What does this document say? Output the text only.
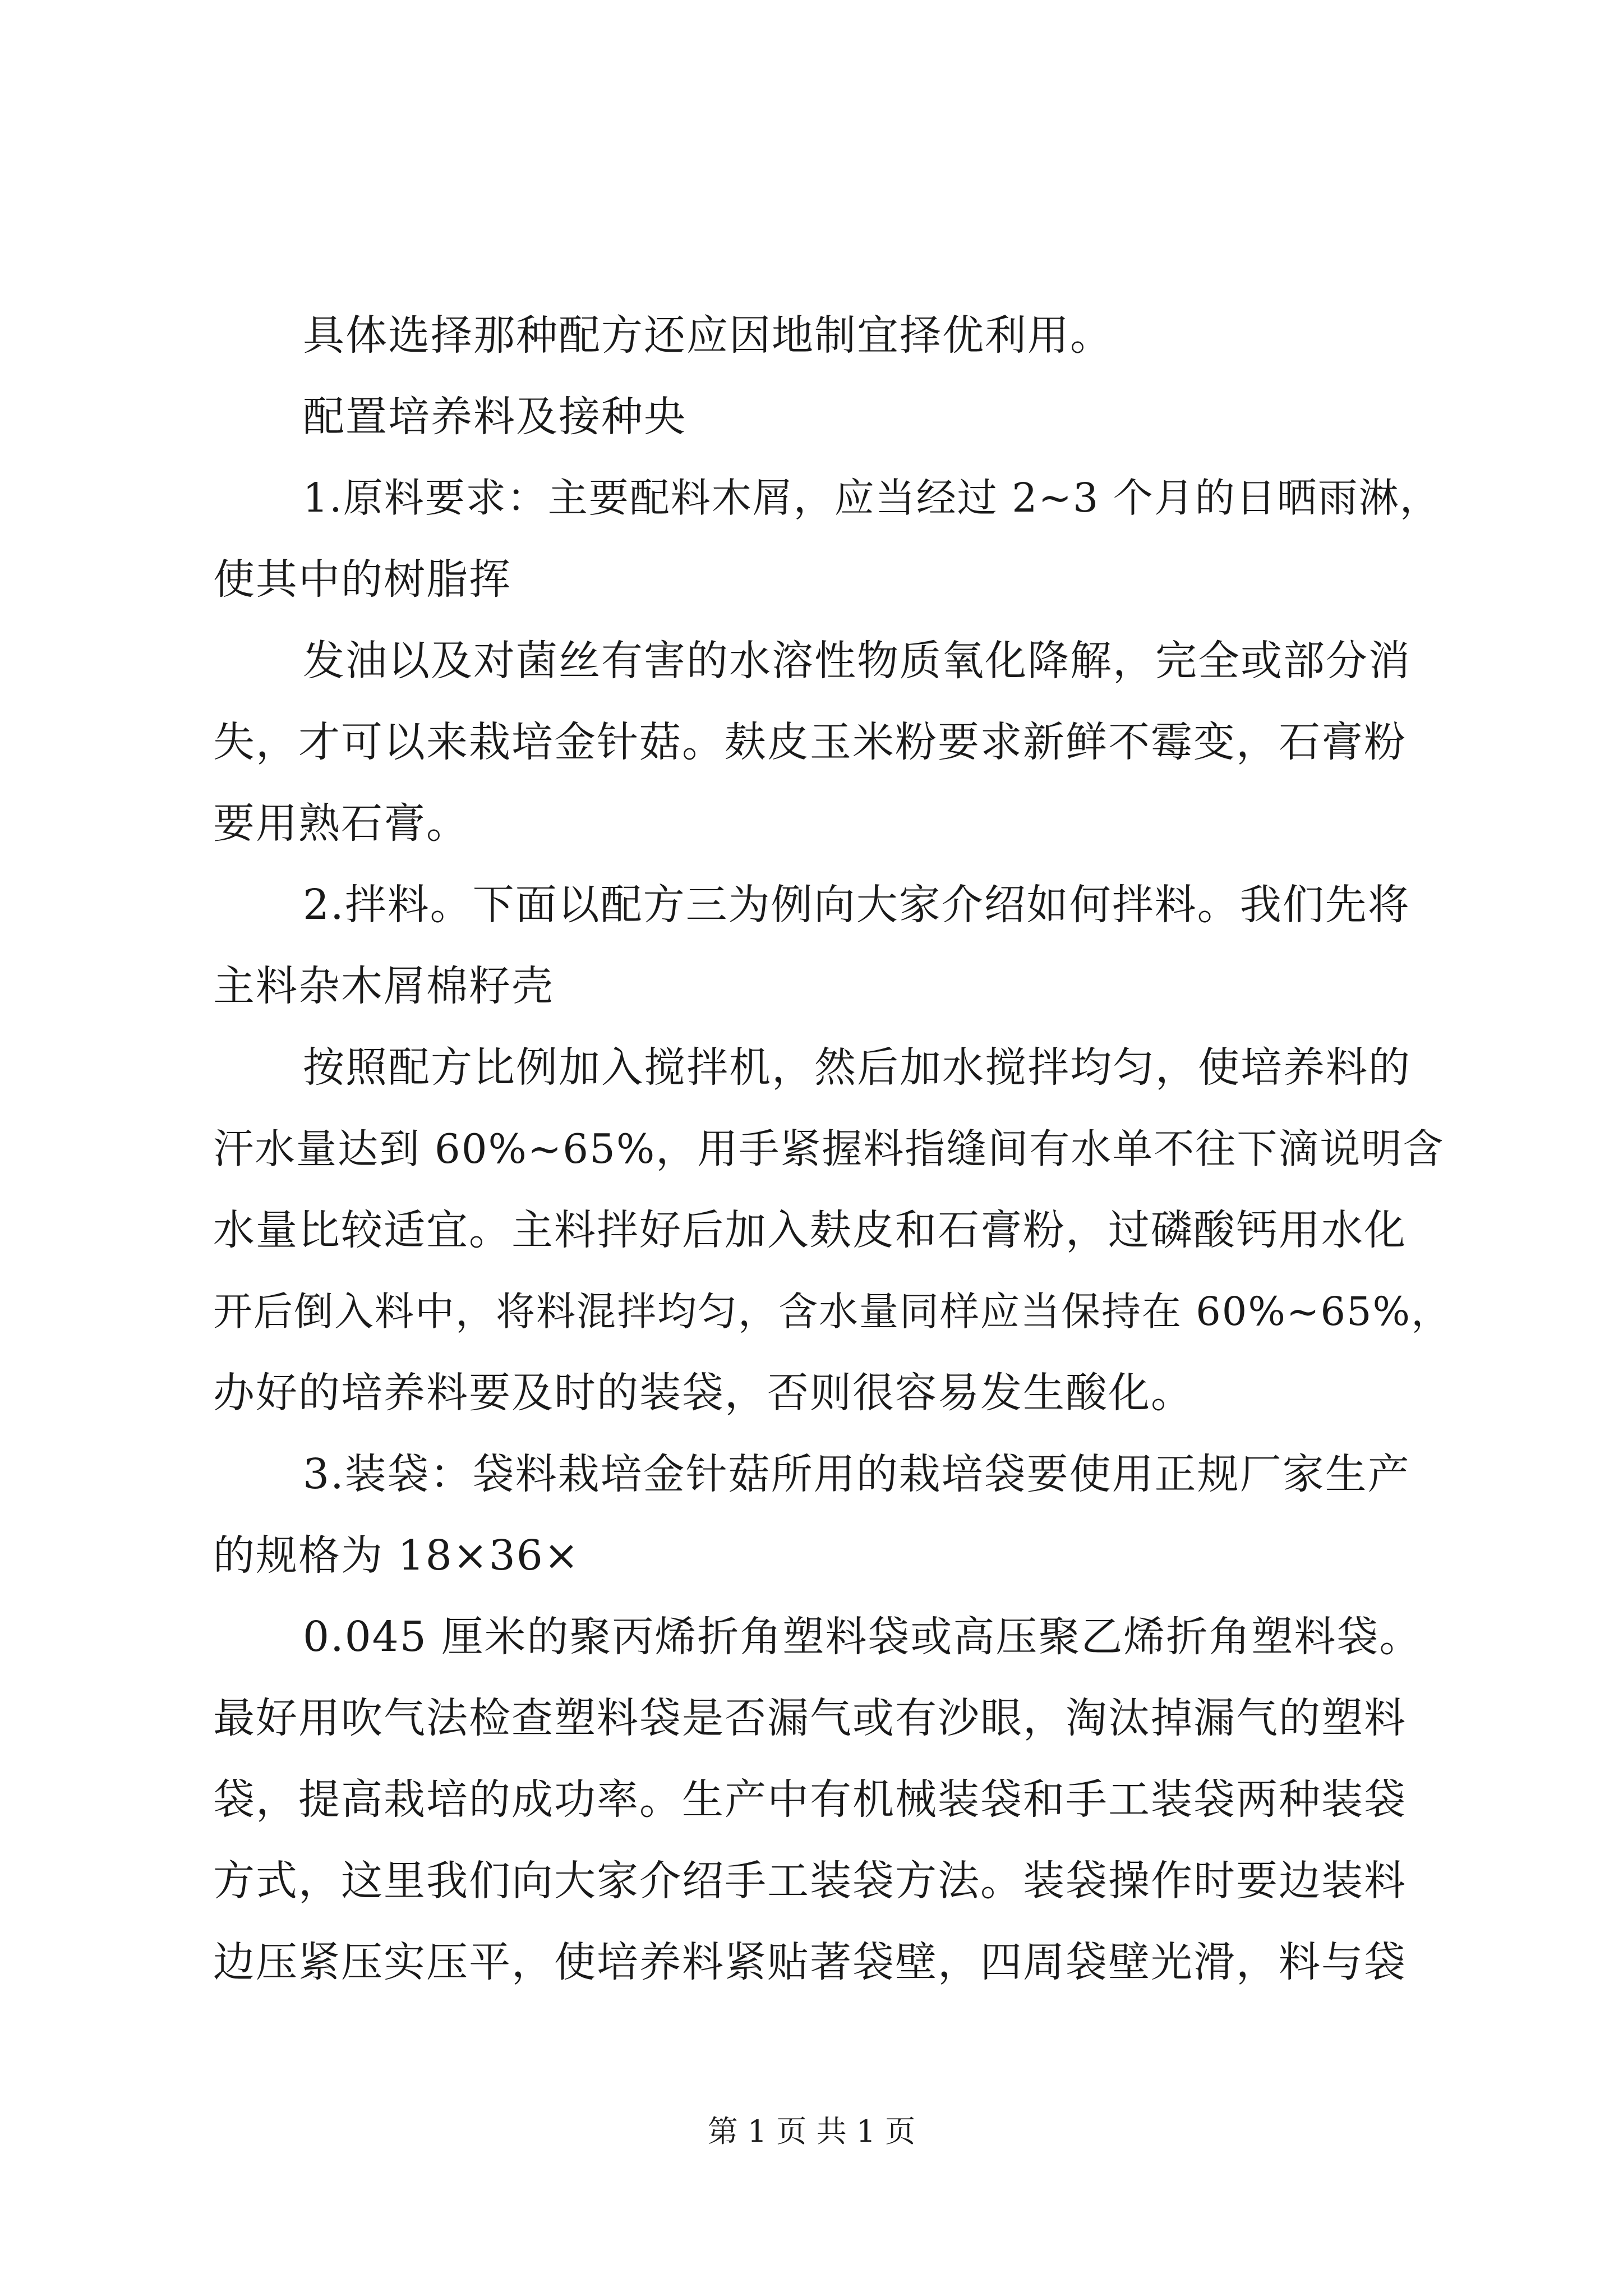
具体选择那种配方还应因地制宜择优利用。
配置培养料及接种央
1.原料要求：主要配料木屑，应当经过 2~3 个月的日晒雨淋，
使其中的树脂挥
发油以及对菌丝有害的水溶性物质氧化降解，完全或部分消
失，才可以来栽培金针菇。麸皮玉米粉要求新鲜不霉变，石膏粉
要用熟石膏。
2.拌料。下面以配方三为例向大家介绍如何拌料。我们先将
主料杂木屑棉籽壳
按照配方比例加入搅拌机，然后加水搅拌均匀，使培养料的
汗水量达到 60%~65%，用手紧握料指缝间有水单不往下滴说明含
水量比较适宜。主料拌好后加入麸皮和石膏粉，过磷酸钙用水化
开后倒入料中，将料混拌均匀，含水量同样应当保持在 60%~65%，
办好的培养料要及时的装袋，否则很容易发生酸化。
3.装袋：袋料栽培金针菇所用的栽培袋要使用正规厂家生产
的规格为 18×36×
0.045 厘米的聚丙烯折角塑料袋或高压聚乙烯折角塑料袋。
最好用吹气法检查塑料袋是否漏气或有沙眼，淘汰掉漏气的塑料
袋，提高栽培的成功率。生产中有机械装袋和手工装袋两种装袋
方式，这里我们向大家介绍手工装袋方法。装袋操作时要边装料
边压紧压实压平，使培养料紧贴著袋壁，四周袋壁光滑，料与袋
第 1 页 共 1 页
